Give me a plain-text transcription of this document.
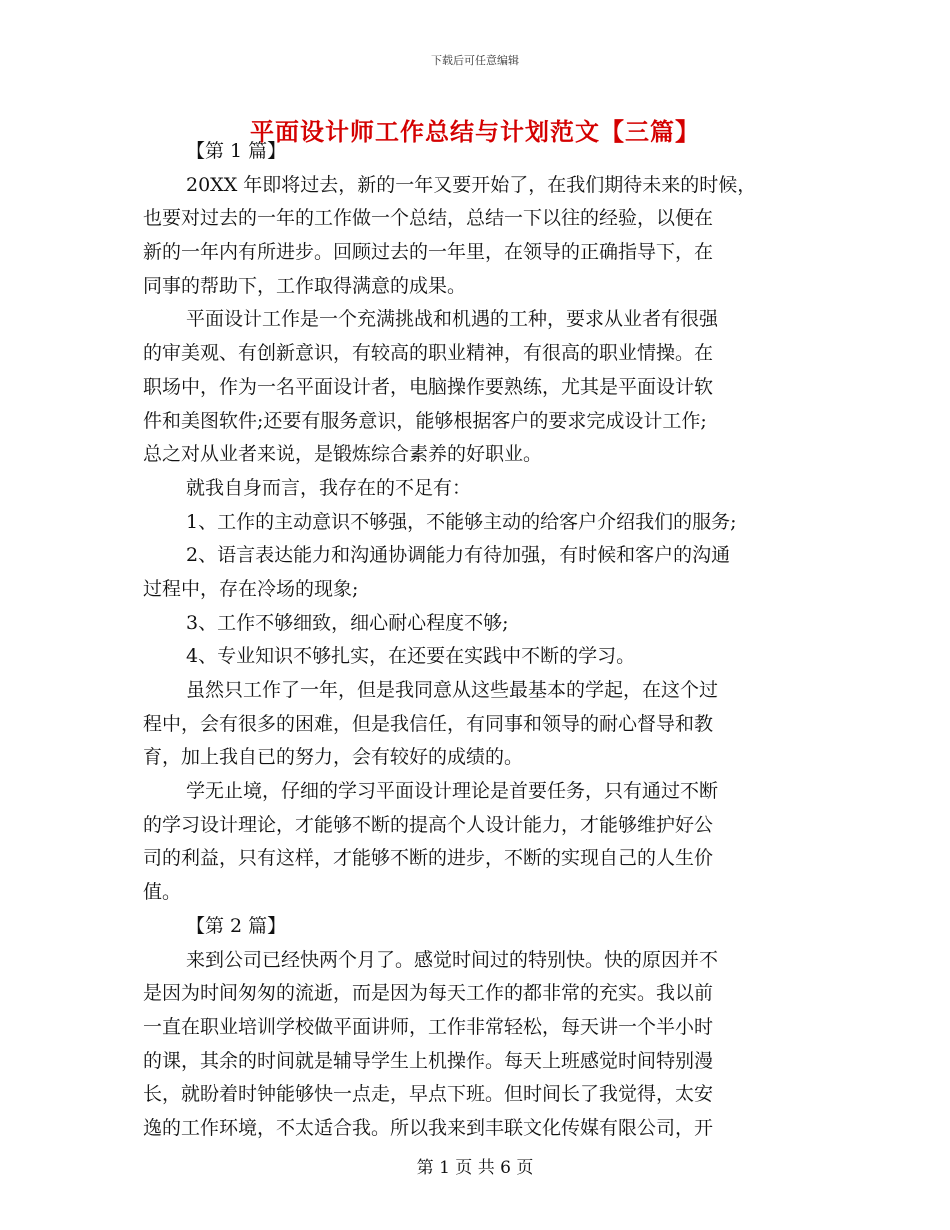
下载后可任意编辑
平面设计师工作总结与计划范文【三篇】
【第 1 篇】
20XX 年即将过去，新的一年又要开始了，在我们期待未来的时候，
也要对过去的一年的工作做一个总结，总结一下以往的经验，以便在
新的一年内有所进步。回顾过去的一年里，在领导的正确指导下，在
同事的帮助下，工作取得满意的成果。
平面设计工作是一个充满挑战和机遇的工种，要求从业者有很强
的审美观、有创新意识，有较高的职业精神，有很高的职业情操。在
职场中，作为一名平面设计者，电脑操作要熟练，尤其是平面设计软
件和美图软件;还要有服务意识，能够根据客户的要求完成设计工作;
总之对从业者来说，是锻炼综合素养的好职业。
就我自身而言，我存在的不足有：
1、工作的主动意识不够强，不能够主动的给客户介绍我们的服务;
2、语言表达能力和沟通协调能力有待加强，有时候和客户的沟通
过程中，存在冷场的现象;
3、工作不够细致，细心耐心程度不够;
4、专业知识不够扎实，在还要在实践中不断的学习。
虽然只工作了一年，但是我同意从这些最基本的学起，在这个过
程中，会有很多的困难，但是我信任，有同事和领导的耐心督导和教
育，加上我自已的努力，会有较好的成绩的。
学无止境，仔细的学习平面设计理论是首要任务，只有通过不断
的学习设计理论，才能够不断的提高个人设计能力，才能够维护好公
司的利益，只有这样，才能够不断的进步，不断的实现自己的人生价
值。
【第 2 篇】
来到公司已经快两个月了。感觉时间过的特别快。快的原因并不
是因为时间匆匆的流逝，而是因为每天工作的都非常的充实。我以前
一直在职业培训学校做平面讲师，工作非常轻松，每天讲一个半小时
的课，其余的时间就是辅导学生上机操作。每天上班感觉时间特别漫
长，就盼着时钟能够快一点走，早点下班。但时间长了我觉得，太安
逸的工作环境，不太适合我。所以我来到丰联文化传媒有限公司，开
第 1 页 共 6 页
